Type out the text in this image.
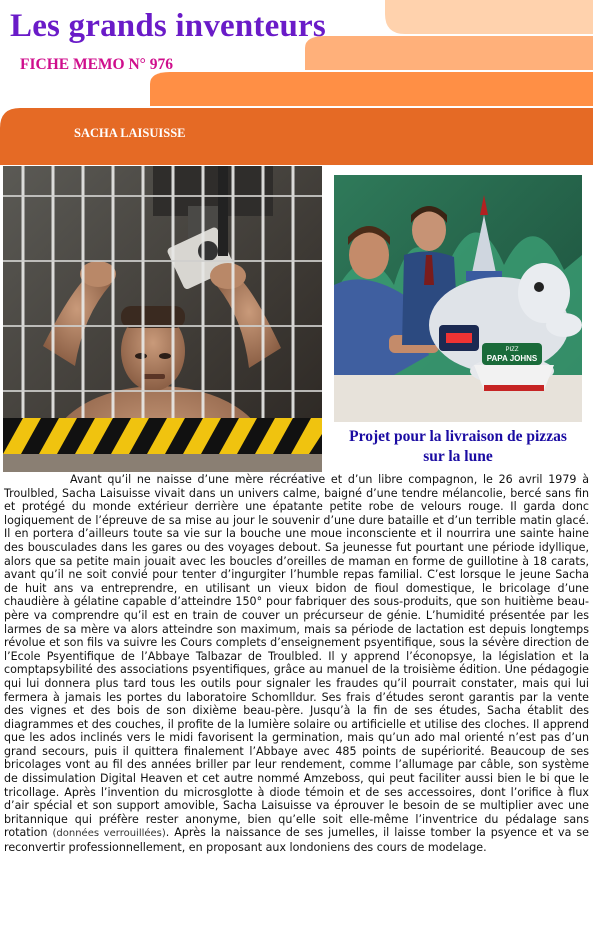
Les grands inventeurs
FICHE MEMO N° 976
SACHA LAISUISSE
PIZZ
PAPA JOHNS
Projet pour la livraison de pizzas sur la lune

Avant qu’il ne naisse d’une mère récréative et d’un libre compagnon, le 26 avril 1979 à Troulbled, Sacha Laisuisse vivait dans un univers calme, baigné d’une tendre mélancolie, bercé sans fin et protégé du monde extérieur derrière une épatante petite robe de velours rouge. Il garda donc logiquement de l’épreuve de sa mise au jour le souvenir d’une dure bataille et d’un terrible matin glacé. Il en portera d’ailleurs toute sa vie sur la bouche une moue inconsciente et il nourrira une sainte haine des bousculades dans les gares ou des voyages debout. Sa jeunesse fut pourtant une période idyllique, alors que sa petite main jouait avec les boucles d’oreilles de maman en forme de guillotine à 18 carats, avant qu’il ne soit convié pour tenter d’ingurgiter l’humble repas familial. C’est lorsque le jeune Sacha de huit ans va entreprendre, en utilisant un vieux bidon de fioul domestique, le bricolage d’une chaudière à gélatine capable d’atteindre 150° pour fabriquer des sous-produits, que son huitième beau-père va comprendre qu’il est en train de couver un précurseur de génie. L’humidité présentée par les larmes de sa mère va alors atteindre son maximum, mais sa période de lactation est depuis longtemps révolue et son fils va suivre les Cours complets d’enseignement psyentifique, sous la sévère direction de l’Ecole Psyentifique de l’Abbaye Talbazar de Troulbled. Il y apprend l’éconopsye, la législation et la comptapsybilité des associations psyentifiques, grâce au manuel de la troisième édition. Une pédagogie qui lui donnera plus tard tous les outils pour signaler les fraudes qu’il pourrait constater, mais qui lui fermera à jamais les portes du laboratoire Schomlldur. Ses frais d’études seront garantis par la vente des vignes et des bois de son dixième beau-père. Jusqu’à la fin de ses études, Sacha établit des diagrammes et des couches, il profite de la lumière solaire ou artificielle et utilise des cloches. Il apprend que les ados inclinés vers le midi favorisent la germination, mais qu’un ado mal orienté n’est pas d’un grand secours, puis il quittera finalement l’Abbaye avec 485 points de supériorité. Beaucoup de ses bricolages vont au fil des années briller par leur rendement, comme l’allumage par câble, son système de dissimulation Digital Heaven et cet autre nommé Amzeboss, qui peut faciliter aussi bien le bi que le tricollage. Après l’invention du microsglotte à diode témoin et de ses accessoires, dont l’orifice à flux d’air spécial et son support amovible, Sacha Laisuisse va éprouver le besoin de se multiplier avec une britannique qui préfère rester anonyme, bien qu’elle soit elle-même l’inventrice du pédalage sans rotation (données verrouillées). Après la naissance de ses jumelles, il laisse tomber la psyence et va se reconvertir professionnellement, en proposant aux londoniens des cours de modelage.
